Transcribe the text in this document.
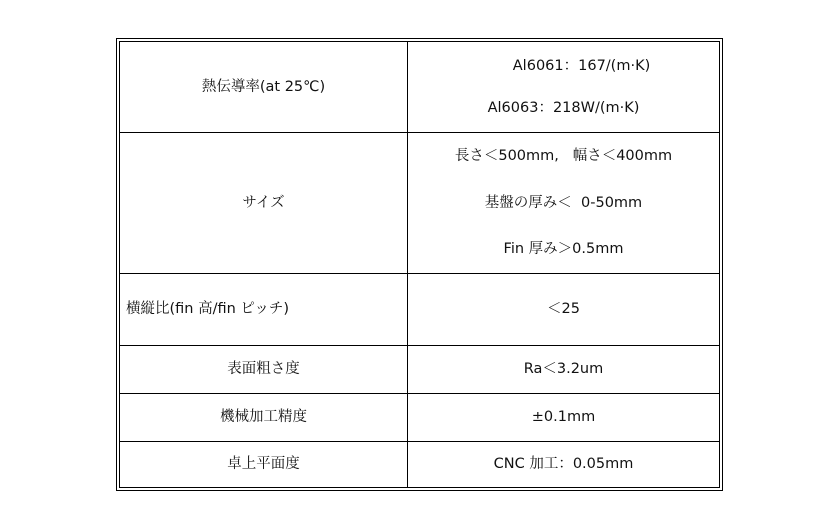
熱伝導率(at 25℃)	Al6061：167/(m·K)
Al6063：218W/(m·K)

サイズ	長さ＜500mm,   幅さ＜400mm
基盤の厚み＜  0-50mm
Fin 厚み＞0.5mm

横縦比(fin 高/fin ピッチ)	＜25

表面粗さ度	Ra＜3.2um

機械加工精度	±0.1mm

卓上平面度	CNC 加工：0.05mm
